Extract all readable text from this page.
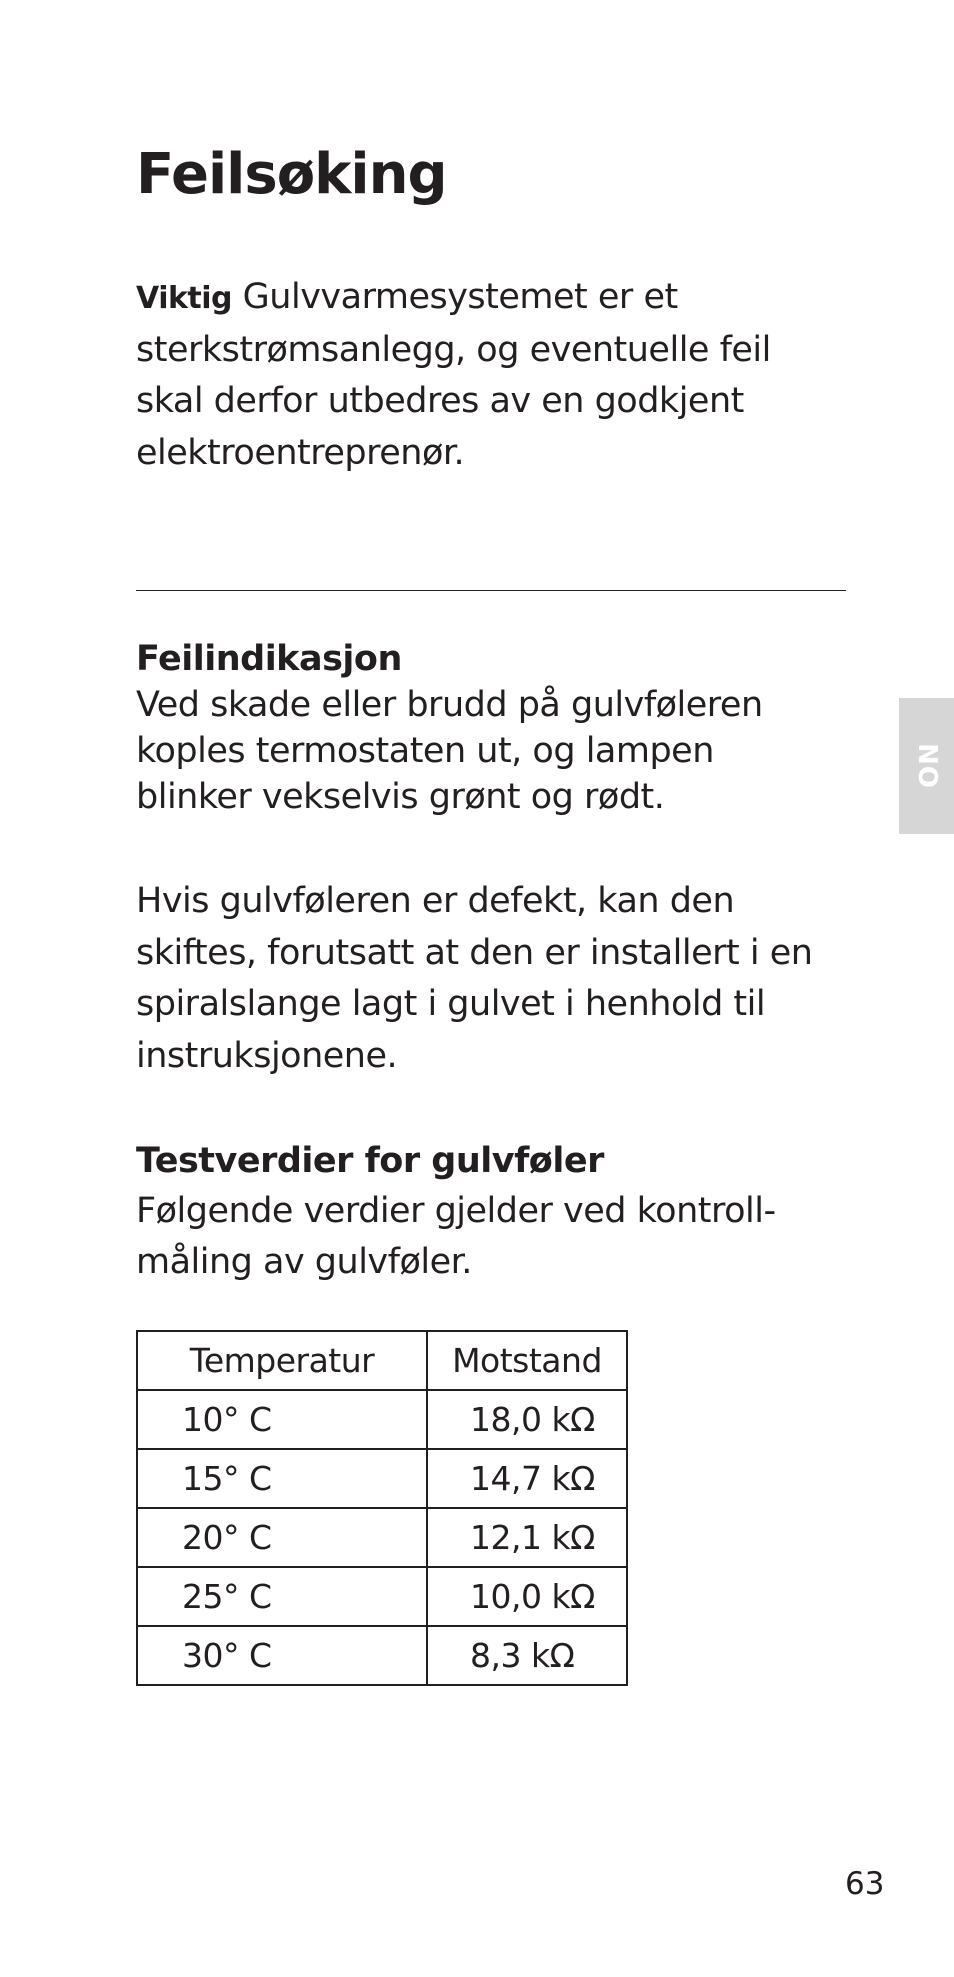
Feilsøking

Viktig Gulvvarmesystemet er et
sterkstrømsanlegg, og eventuelle feil
skal derfor utbedres av en godkjent
elektroentreprenør.

Feilindikasjon

Ved skade eller brudd på gulvføleren
koples termostaten ut, og lampen
blinker vekselvis grønt og rødt.

Hvis gulvføleren er defekt, kan den
skiftes, forutsatt at den er installert i en
spiralslange lagt i gulvet i henhold til
instruksjonene.

Testverdier for gulvføler

Følgende verdier gjelder ved kontroll-
måling av gulvføler.

Temperatur	Motstand
10° C	18,0 kΩ
15° C	14,7 kΩ
20° C	12,1 kΩ
25° C	10,0 kΩ
30° C	8,3 kΩ
NO
63
